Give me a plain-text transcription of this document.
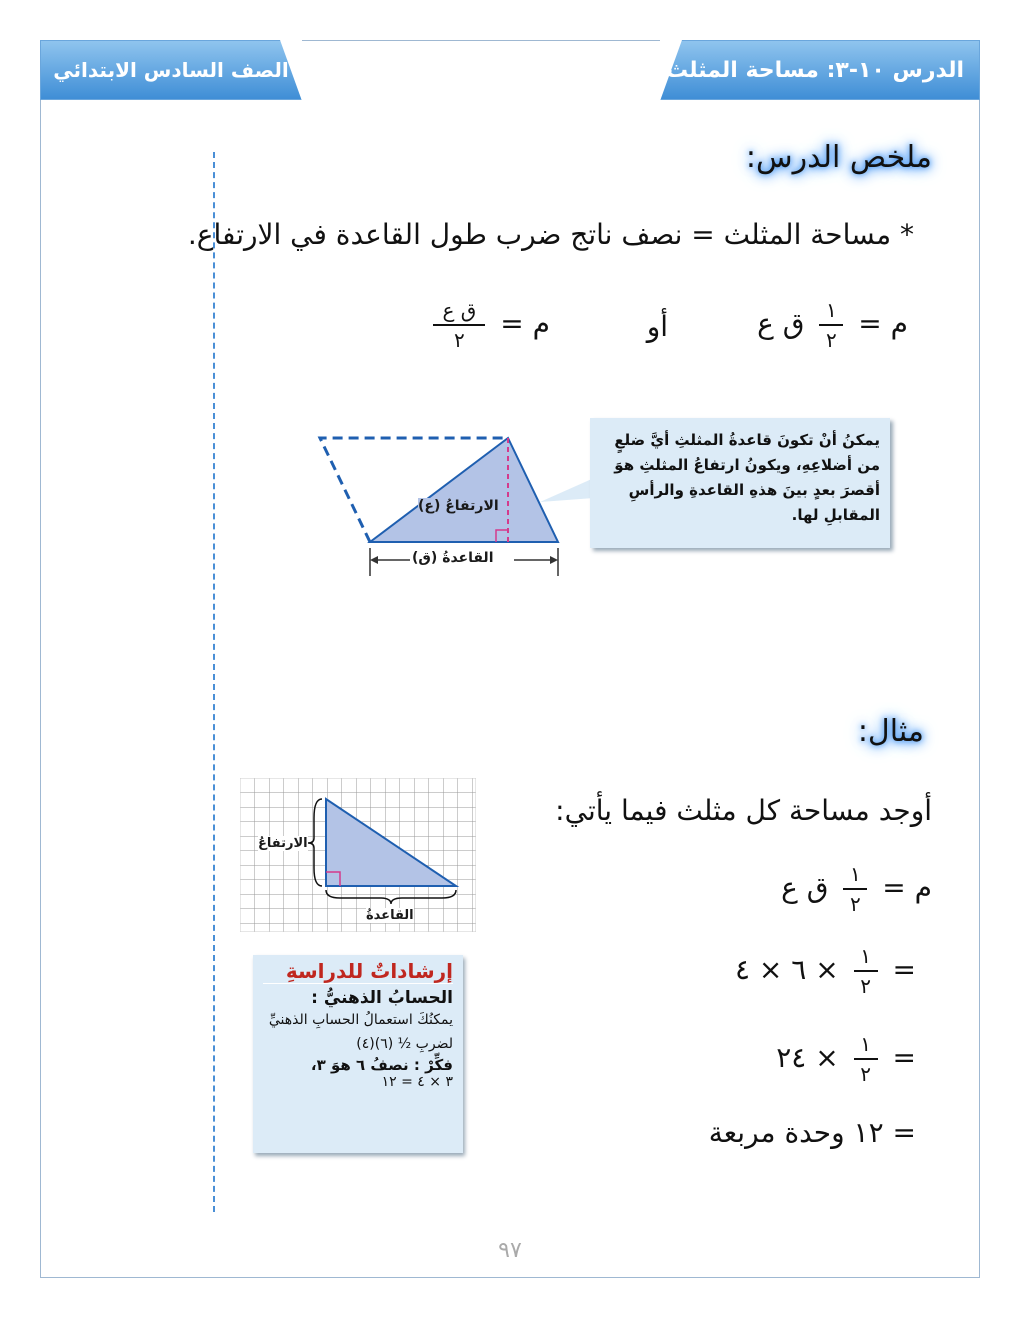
الدرس ١٠-٣: مساحة المثلث
الصف السادس الابتدائي
ملخص الدرس:
* مساحة المثلث = نصف ناتج ضرب طول القاعدة في الارتفاع.
م =
$\frac{١}{٢}$
ق ع
أو
م =
$\frac{\text{ق ع}}{٢}$
الارتفاعُ (ع)
القاعدةُ (ق)
يمكنُ أنْ تكونَ قاعدةُ المثلثِ أيَّ ضلعٍ من أضلاعِهِ، ويكونُ ارتفاعُ المثلثِ هوَ أقصرَ بعدٍ بينَ هذهِ القاعدةِ والرأسِ المقابلِ لها.
مثال:
أوجد مساحة كل مثلث فيما يأتي:
م =
$\frac{١}{٢}$
ق ع
=
$\frac{١}{٢}$
× ٦ × ٤
=
$\frac{١}{٢}$
× ٢٤
= ١٢ وحدة مربعة
الارتفاعُ
القاعدةُ
إرشاداتٌ للدراسةِ
الحسابُ الذهنيُّ :
يمكنُكَ استعمالُ الحسابِ الذهنيِّ لضربِ ½ (٦)(٤)
فكِّرْ : نصفُ ٦ هوَ ٣،
٣ × ٤ = ١٢
٩٧
